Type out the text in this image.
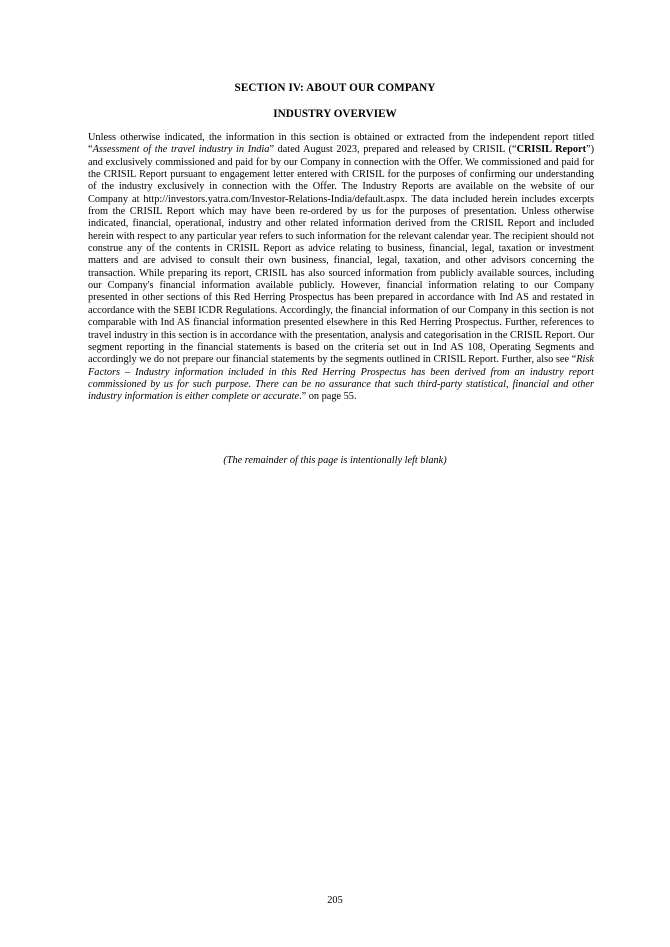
SECTION IV: ABOUT OUR COMPANY
INDUSTRY OVERVIEW

Unless otherwise indicated, the information in this section is obtained or extracted from the independent report titled “Assessment of the travel industry in India” dated August 2023, prepared and released by CRISIL (“CRISIL Report”) and exclusively commissioned and paid for by our Company in connection with the Offer. We commissioned and paid for the CRISIL Report pursuant to engagement letter entered with CRISIL for the purposes of confirming our understanding of the industry exclusively in connection with the Offer. The Industry Reports are available on the website of our Company at http://investors.yatra.com/Investor-Relations-India/default.aspx. The data included herein includes excerpts from the CRISIL Report which may have been re-ordered by us for the purposes of presentation. Unless otherwise indicated, financial, operational, industry and other related information derived from the CRISIL Report and included herein with respect to any particular year refers to such information for the relevant calendar year. The recipient should not construe any of the contents in CRISIL Report as advice relating to business, financial, legal, taxation or investment matters and are advised to consult their own business, financial, legal, taxation, and other advisors concerning the transaction. While preparing its report, CRISIL has also sourced information from publicly available sources, including our Company's financial information available publicly. However, financial information relating to our Company presented in other sections of this Red Herring Prospectus has been prepared in accordance with Ind AS and restated in accordance with the SEBI ICDR Regulations. Accordingly, the financial information of our Company in this section is not comparable with Ind AS financial information presented elsewhere in this Red Herring Prospectus. Further, references to travel industry in this section is in accordance with the presentation, analysis and categorisation in the CRISIL Report. Our segment reporting in the financial statements is based on the criteria set out in Ind AS 108, Operating Segments and accordingly we do not prepare our financial statements by the segments outlined in CRISIL Report. Further, also see “Risk Factors – Industry information included in this Red Herring Prospectus has been derived from an industry report commissioned by us for such purpose. There can be no assurance that such third-party statistical, financial and other industry information is either complete or accurate.” on page 55.

(The remainder of this page is intentionally left blank)
205
